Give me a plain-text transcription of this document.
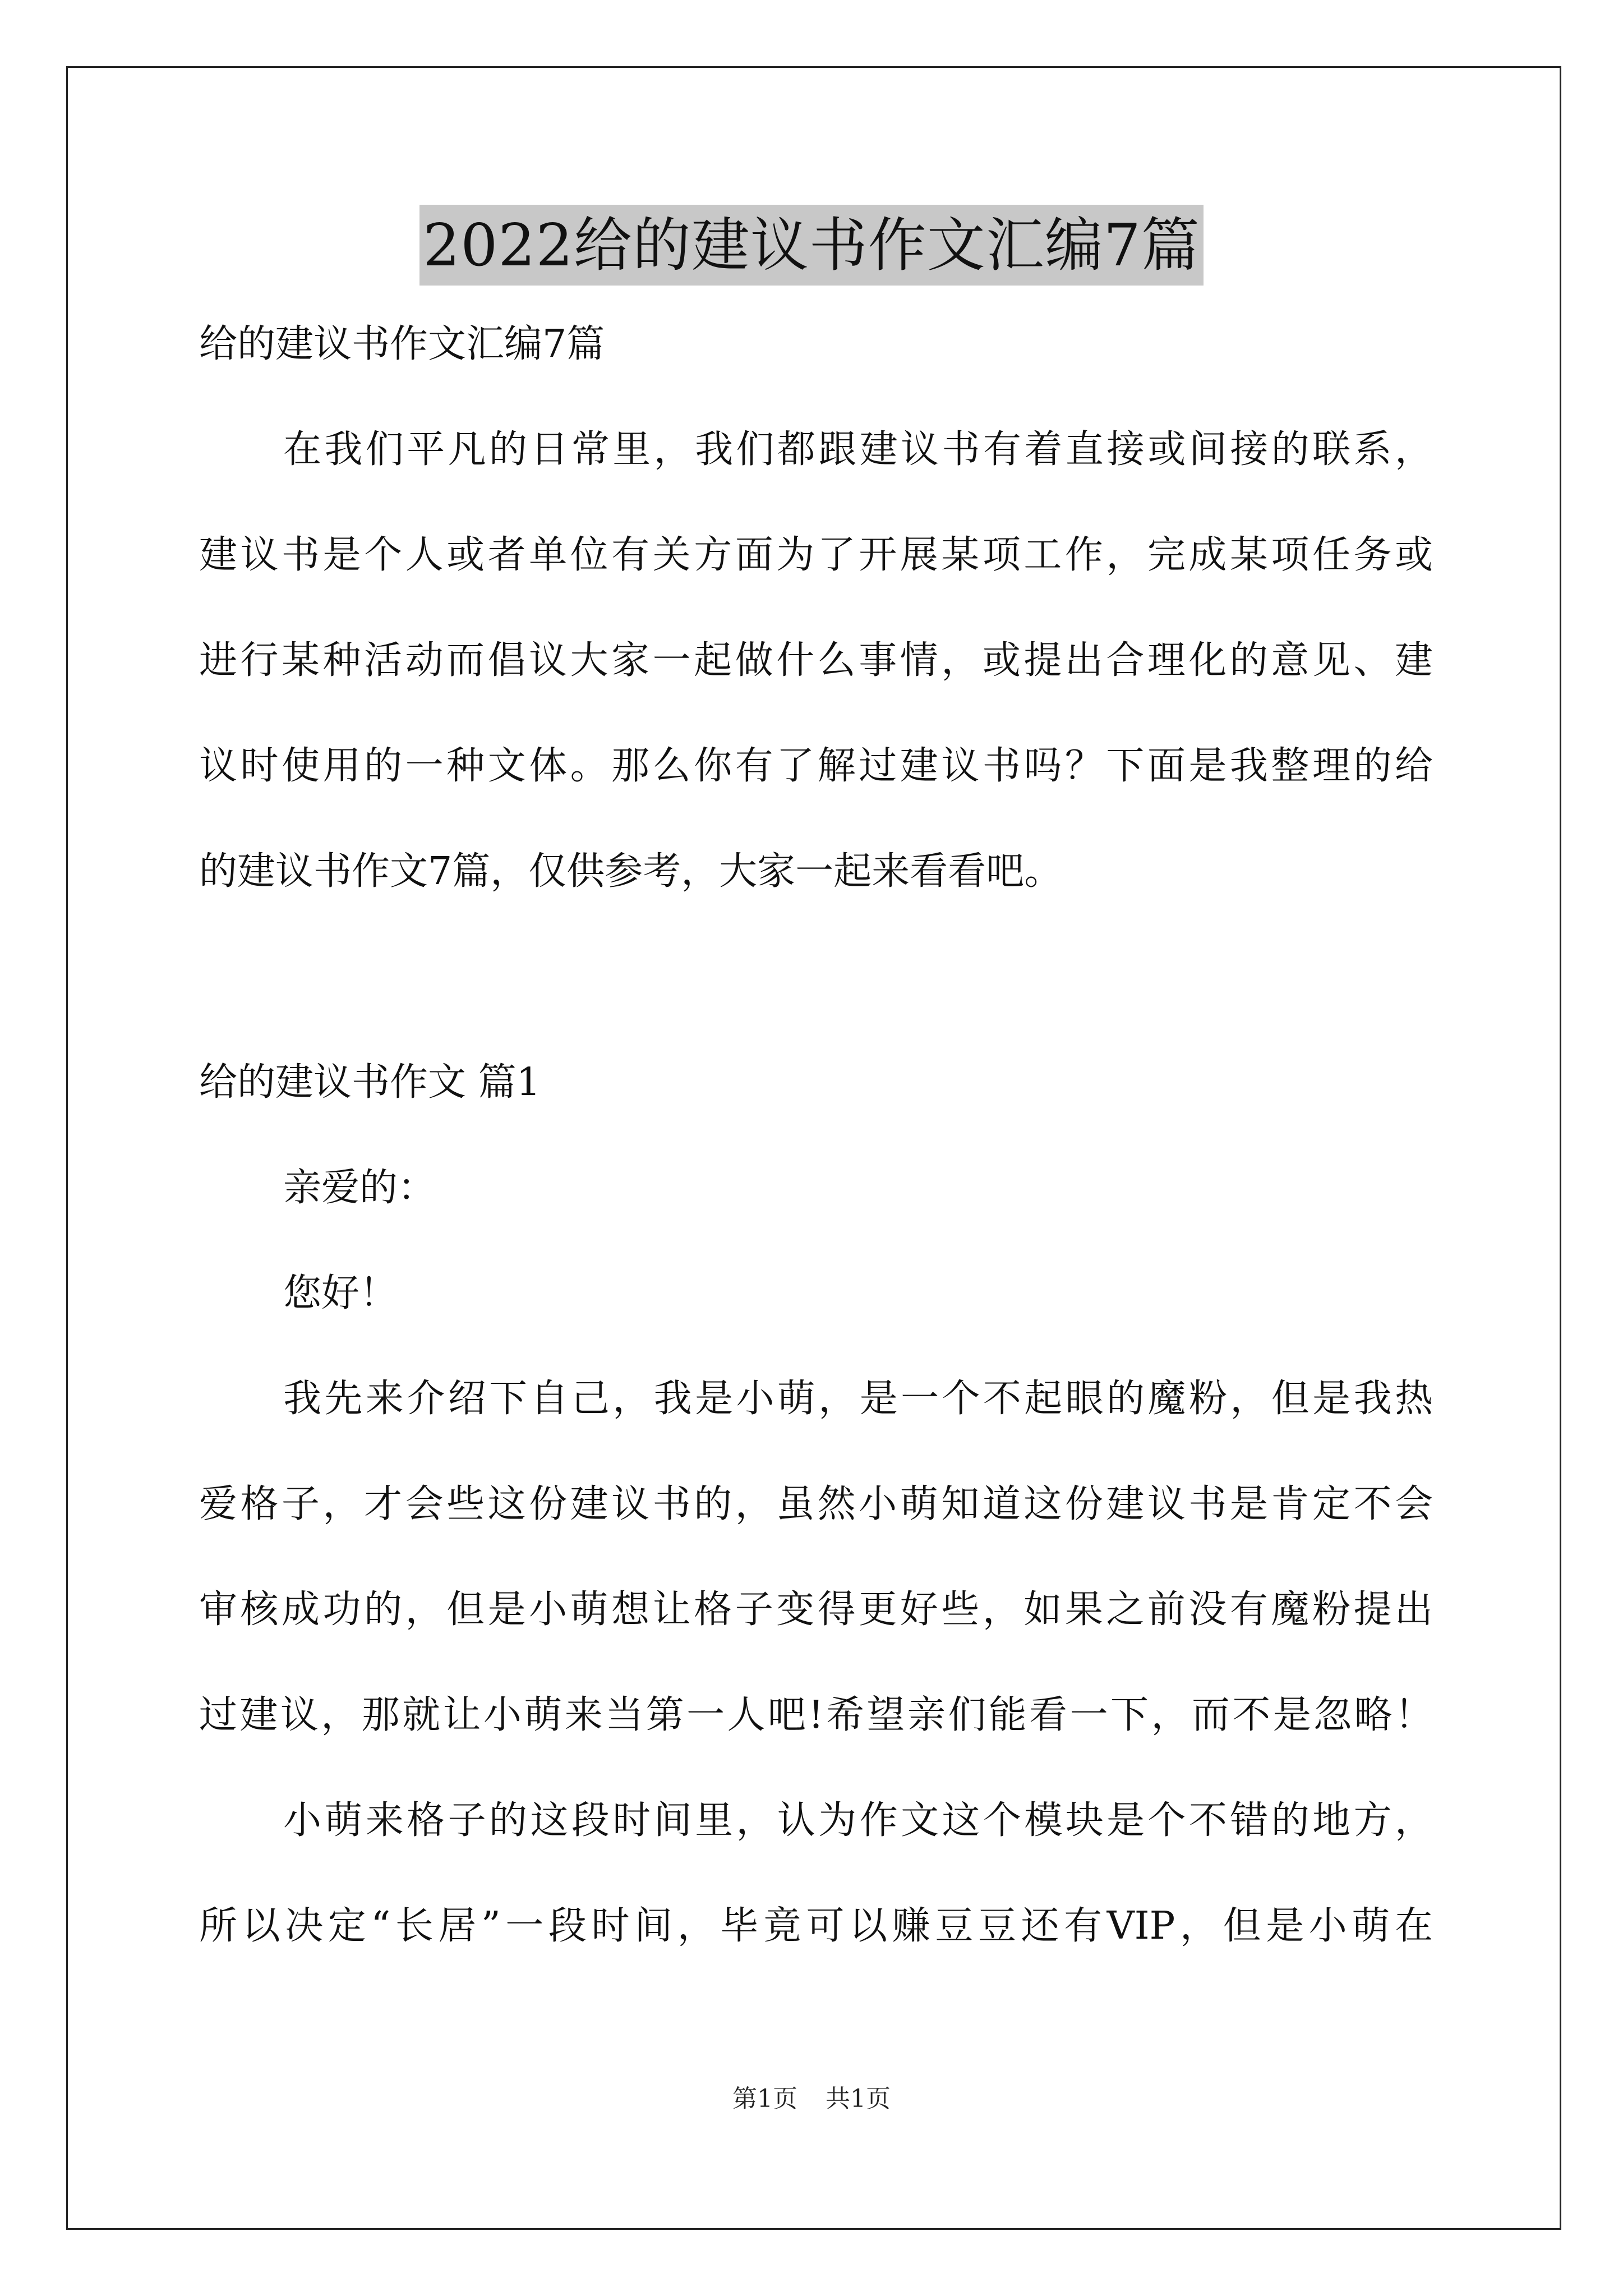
2022给的建议书作文汇编7篇
给的建议书作文汇编7篇
在我们平凡的日常里，我们都跟建议书有着直接或间接的联系，
建议书是个人或者单位有关方面为了开展某项工作，完成某项任务或
进行某种活动而倡议大家一起做什么事情，或提出合理化的意见、建
议时使用的一种文体。那么你有了解过建议书吗？下面是我整理的给
的建议书作文7篇，仅供参考，大家一起来看看吧。
给的建议书作文 篇1
亲爱的：
您好！
我先来介绍下自己，我是小萌，是一个不起眼的魔粉，但是我热
爱格子，才会些这份建议书的，虽然小萌知道这份建议书是肯定不会
审核成功的，但是小萌想让格子变得更好些，如果之前没有魔粉提出
过建议，那就让小萌来当第一人吧!希望亲们能看一下，而不是忽略！
小萌来格子的这段时间里，认为作文这个模块是个不错的地方，
所以决定“长居”一段时间，毕竟可以赚豆豆还有VIP，但是小萌在
第1页 共1页
